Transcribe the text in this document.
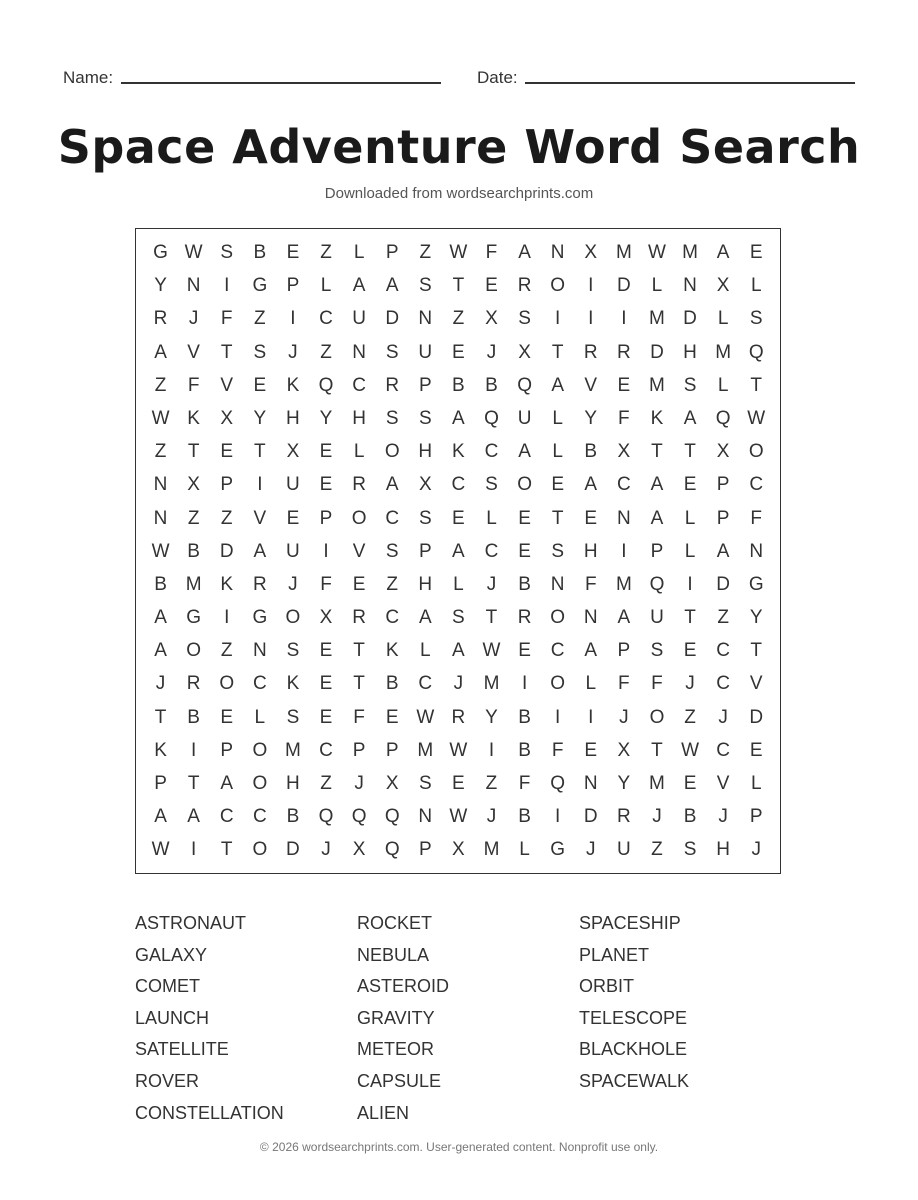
Name:	Date:
Space Adventure Word Search
Downloaded from wordsearchprints.com
G W S	B	E	Z	L	P	Z W F	A	N	X M W M A	E
Y	N	I	G	P	L	A	A	S	T	E	R O	I	D	L	N	X	L
R	J	F	Z	I	C	U	D	N	Z	X	S	I	I	I	M D	L	S
A	V	T	S	J	Z	N	S	U	E	J	X	T	R	R	D	H M Q
Z	F	V	E	K	Q C	R	P	B	B	Q	A	V	E M S	L	T
W K	X	Y	H	Y	H	S	S	A	Q U	L	Y	F	K	A	Q W
Z	T	E	T	X	E	L	O H	K	C	A	L	B	X	T	T	X	O
N	X	P	I	U	E	R	A	X	C	S	O	E	A	C	A	E	P	C
N	Z	Z	V	E	P	O C	S	E	L	E	T	E	N	A	L	P	F
W B	D	A	U	I	V	S	P	A	C	E	S	H	I	P	L	A	N
B M K	R	J	F	E	Z	H	L	J	B	N	F	M Q	I	D G
A	G	I	G O	X	R	C	A	S	T	R O N	A	U	T	Z	Y
A	O	Z	N	S	E	T	K	L	A W E	C	A	P	S	E	C	T
J	R O C	K	E	T	B	C	J	M	I	O	L	F	F	J	C	V
T	B	E	L	S	E	F	E W R	Y	B	I	I	J	O	Z	J	D
K	I	P	O M C	P	P M W	I	B	F	E	X	T W C	E
P	T	A	O H	Z	J	X	S	E	Z	F	Q N	Y M E	V	L
A	A	C	C	B	Q Q Q N W	J	B	I	D	R	J	B	J	P
W	I	T	O D	J	X	Q	P	X M	L	G	J	U	Z	S	H	J
ASTRONAUT
GALAXY
COMET
LAUNCH
SATELLITE
ROVER
CONSTELLATION
ROCKET
NEBULA
ASTEROID
GRAVITY
METEOR
CAPSULE
ALIEN
SPACESHIP
PLANET
ORBIT
TELESCOPE
BLACKHOLE
SPACEWALK
© 2026 wordsearchprints.com. User-generated content. Nonprofit use only.
